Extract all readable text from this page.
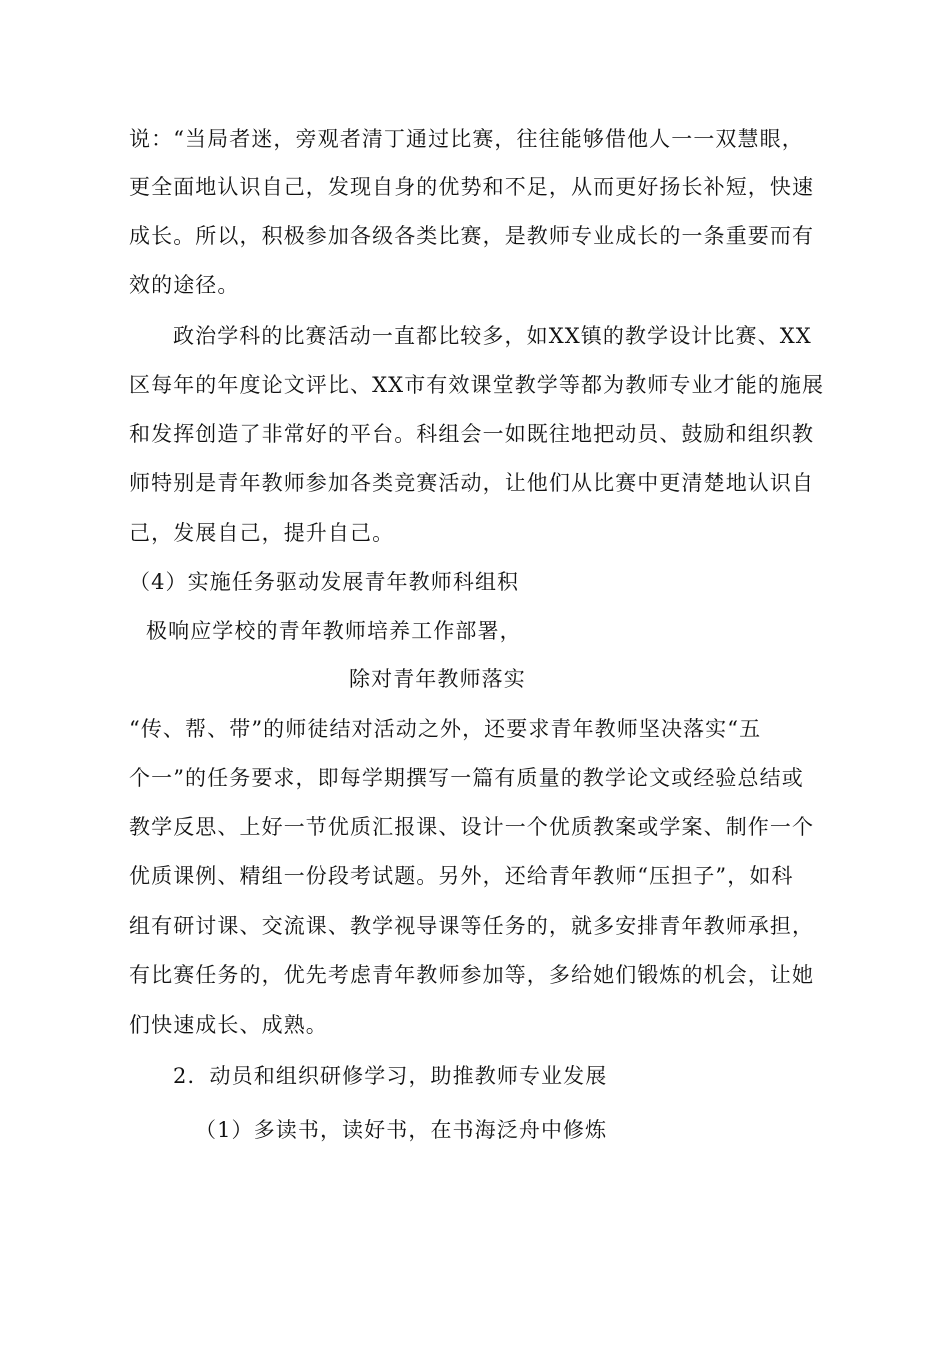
说：“当局者迷，旁观者清丁通过比赛，往往能够借他人一一双慧眼，
更全面地认识自己，发现自身的优势和不足，从而更好扬长补短，快速
成长。所以，积极参加各级各类比赛，是教师专业成长的一条重要而有
效的途径。
政治学科的比赛活动一直都比较多，如XX镇的教学设计比赛、XX
区每年的年度论文评比、XX市有效课堂教学等都为教师专业才能的施展
和发挥创造了非常好的平台。科组会一如既往地把动员、鼓励和组织教
师特别是青年教师参加各类竞赛活动，让他们从比赛中更清楚地认识自
己，发展自己，提升自己。
（4）实施任务驱动发展青年教师科组积
极响应学校的青年教师培养工作部署，
除对青年教师落实
“传、帮、带”的师徒结对活动之外，还要求青年教师坚决落实“五
个一”的任务要求，即每学期撰写一篇有质量的教学论文或经验总结或
教学反思、上好一节优质汇报课、设计一个优质教案或学案、制作一个
优质课例、精组一份段考试题。另外，还给青年教师“压担子”，如科
组有研讨课、交流课、教学视导课等任务的，就多安排青年教师承担，
有比赛任务的，优先考虑青年教师参加等，多给她们锻炼的机会，让她
们快速成长、成熟。
2．动员和组织研修学习，助推教师专业发展
（1）多读书，读好书，在书海泛舟中修炼
